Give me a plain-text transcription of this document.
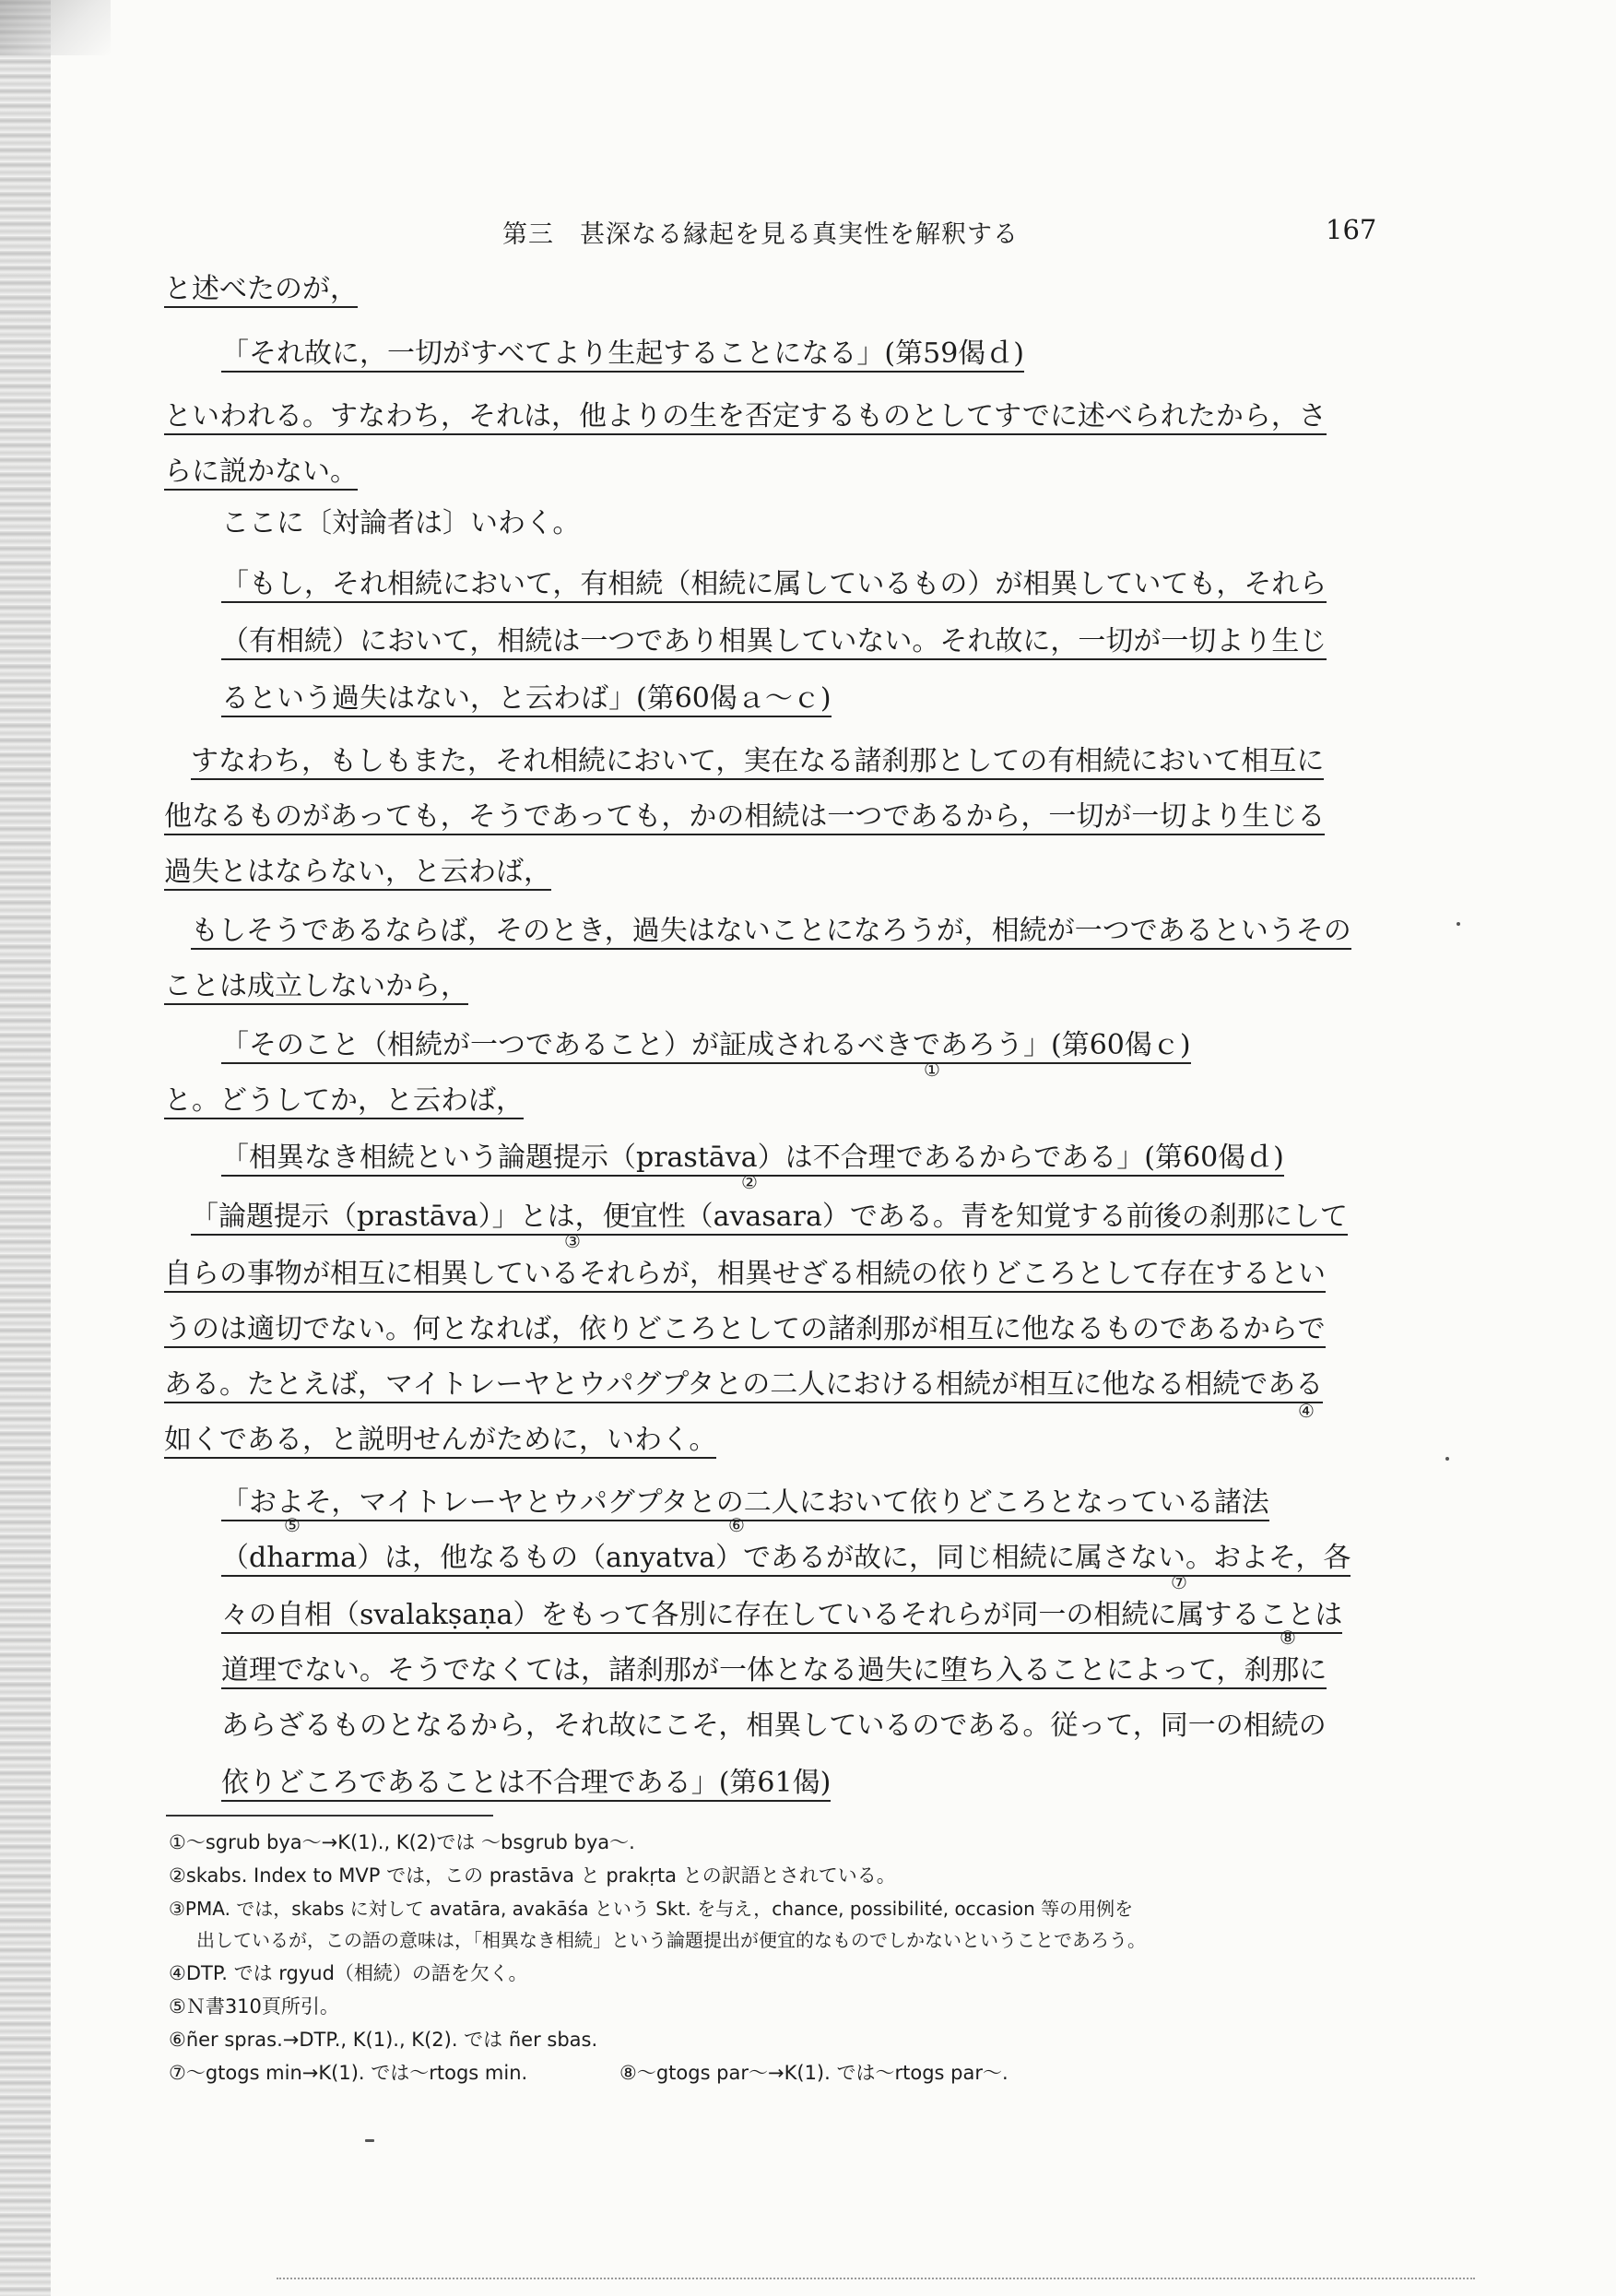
第三　甚深なる縁起を見る真実性を解釈する	167
と述べたのが，
「それ故に，一切がすべてより生起することになる」(第59偈ｄ)
といわれる。すなわち，それは，他よりの生を否定するものとしてすでに述べられたから，さ
らに説かない。
ここに〔対論者は〕いわく。
「もし，それ相続において，有相続（相続に属しているもの）が相異していても，それら
（有相続）において，相続は一つであり相異していない。それ故に，一切が一切より生じ
るという過失はない，と云わば」(第60偈ａ～ｃ)
すなわち，もしもまた，それ相続において，実在なる諸刹那としての有相続において相互に
他なるものがあっても，そうであっても，かの相続は一つであるから，一切が一切より生じる
過失とはならない，と云わば，
もしそうであるならば，そのとき，過失はないことになろうが，相続が一つであるというその
ことは成立しないから，
「そのこと（相続が一つであること）が証成されるべきであろう」(第60偈ｃ)
と。どうしてか，と云わば，
「相異なき相続という論題提示（prastāva）は不合理であるからである」(第60偈ｄ)
「論題提示（prastāva）」とは，便宜性（avasara）である。青を知覚する前後の刹那にして
自らの事物が相互に相異しているそれらが，相異せざる相続の依りどころとして存在するとい
うのは適切でない。何となれば，依りどころとしての諸刹那が相互に他なるものであるからで
ある。たとえば，マイトレーヤとウパグプタとの二人における相続が相互に他なる相続である
如くである，と説明せんがために，いわく。
「およそ，マイトレーヤとウパグプタとの二人において依りどころとなっている諸法
（dharma）は，他なるもの（anyatva）であるが故に，同じ相続に属さない。およそ，各
々の自相（svalakṣaṇa）をもって各別に存在しているそれらが同一の相続に属することは
道理でない。そうでなくては，諸刹那が一体となる過失に堕ち入ることによって，刹那に
あらざるものとなるから，それ故にこそ，相異しているのである。従って，同一の相続の
依りどころであることは不合理である」(第61偈)
①
②
③
④
⑤	⑥
⑦
⑧
①～sgrub bya～→K(1)., K(2)では ～bsgrub bya～.
②skabs. Index to MVP では，この prastāva と prakṛta との訳語とされている。
③PMA. では，skabs に対して avatāra, avakāśa という Skt. を与え，chance, possibilité, occasion 等の用例を
出しているが，この語の意味は，「相異なき相続」という論題提出が便宜的なものでしかないということであろう。
④DTP. では rgyud（相続）の語を欠く。
⑤Ｎ書310頁所引。
⑥ñer spras.→DTP., K(1)., K(2). では ñer sbas.
⑦～gtogs min→K(1). では～rtogs min.	⑧～gtogs par～→K(1). では～rtogs par～.
